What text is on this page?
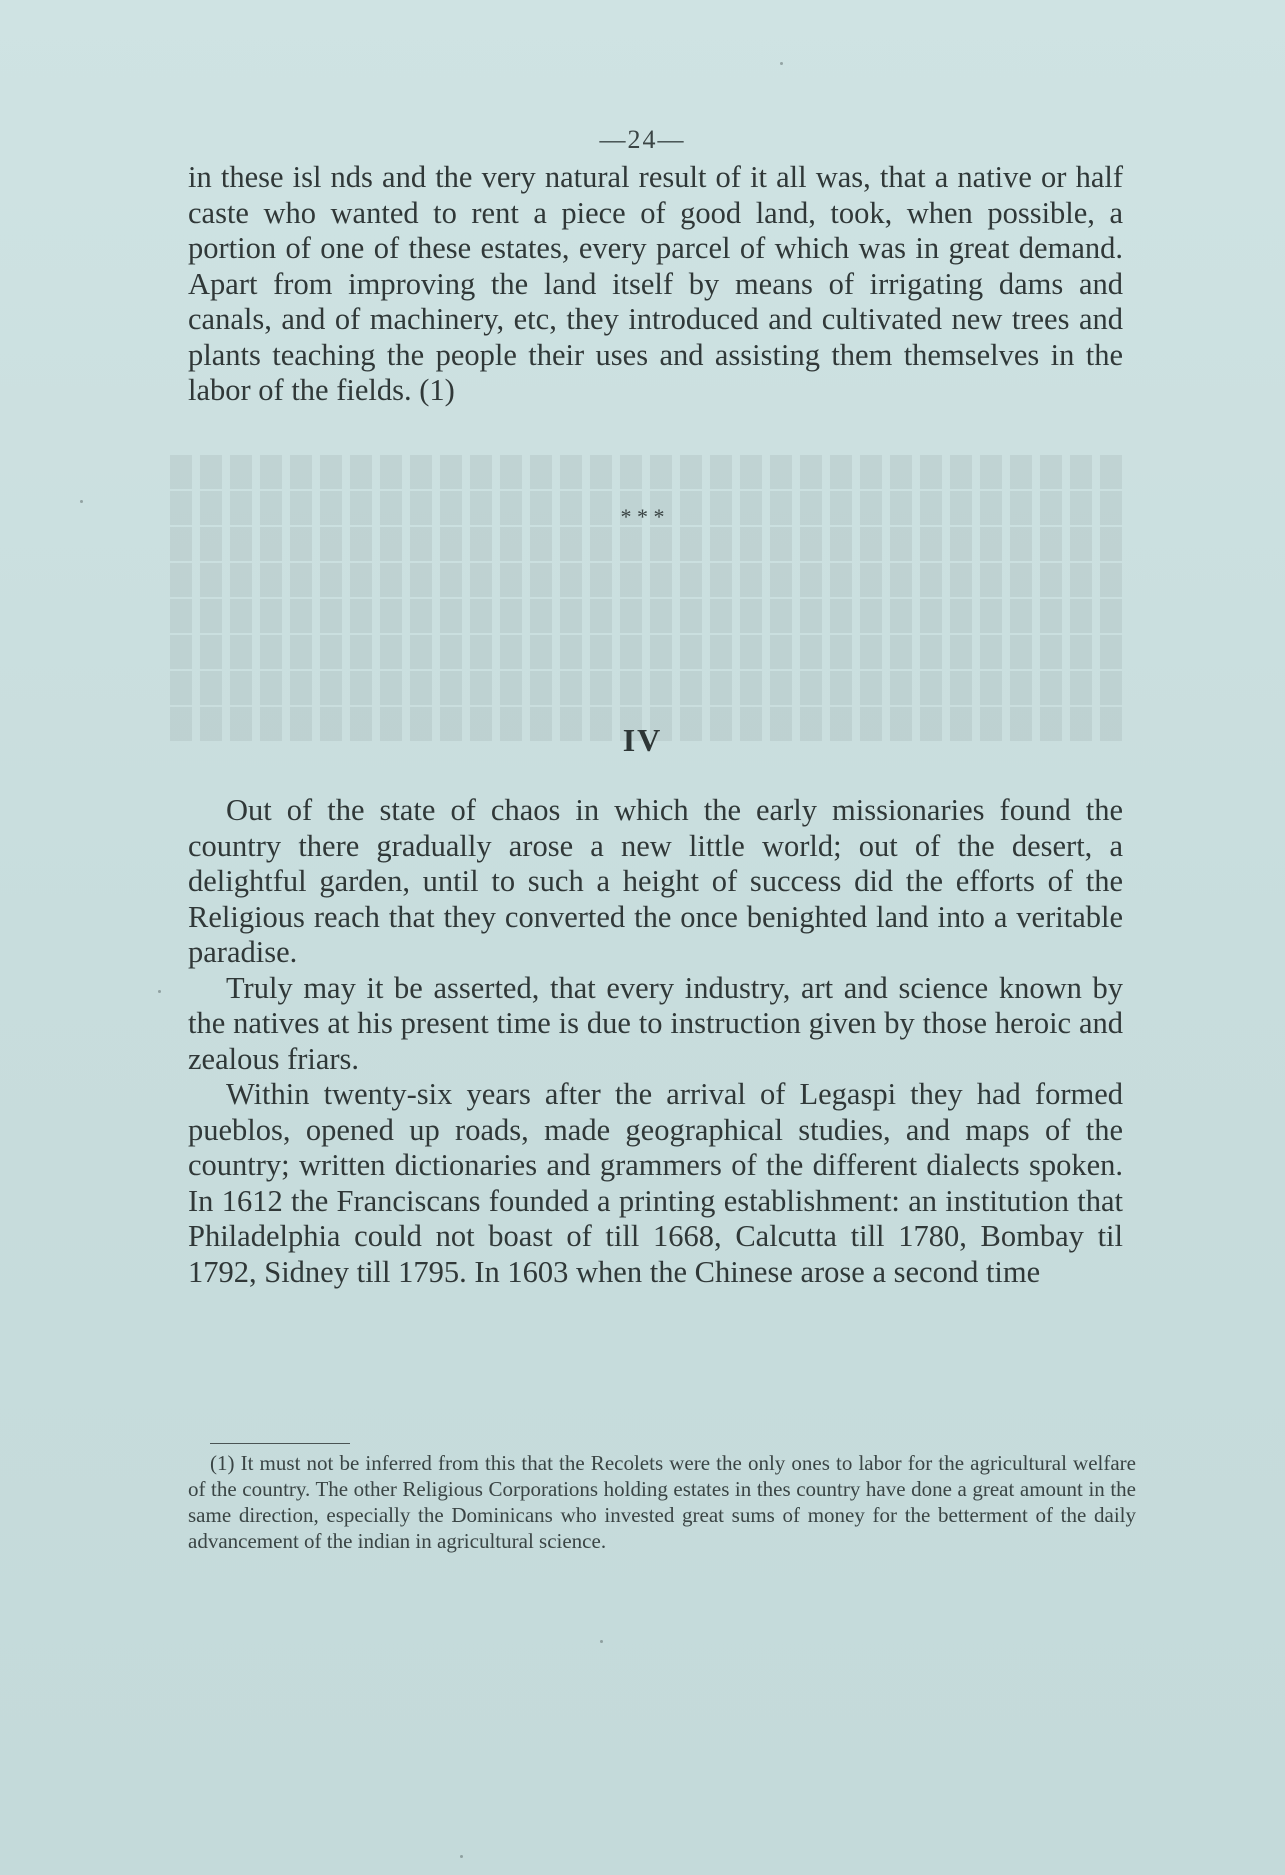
—24—

in these isl nds and the very natural result of it all was, that a native or half caste who wanted to rent a piece of good land, took, when possible, a portion of one of these estates, every parcel of which was in great demand. Apart from improving the land itself by means of irrigating dams and canals, and of machinery, etc, they introduced and cultivated new trees and plants teaching the people their uses and assisting them themselves in the labor of the fields. (1)

* * *
IV

Out of the state of chaos in which the early missionaries found the country there gradually arose a new little world; out of the desert, a delightful garden, until to such a height of success did the efforts of the Religious reach that they converted the once benighted land into a veritable paradise.

Truly may it be asserted, that every industry, art and science known by the natives at his present time is due to instruction given by those heroic and zealous friars.

Within twenty-six years after the arrival of Legaspi they had formed pueblos, opened up roads, made geographical studies, and maps of the country; written dictionaries and grammers of the different dialects spoken. In 1612 the Franciscans founded a printing establishment: an institution that Philadelphia could not boast of till 1668, Calcutta till 1780, Bombay til 1792, Sidney till 1795. In 1603 when the Chinese arose a second time

(1) It must not be inferred from this that the Recolets were the only ones to labor for the agricultural welfare of the country. The other Religious Corporations holding estates in thes country have done a great amount in the same direction, especially the Dominicans who invested great sums of money for the betterment of the daily advancement of the indian in agricultural science.
